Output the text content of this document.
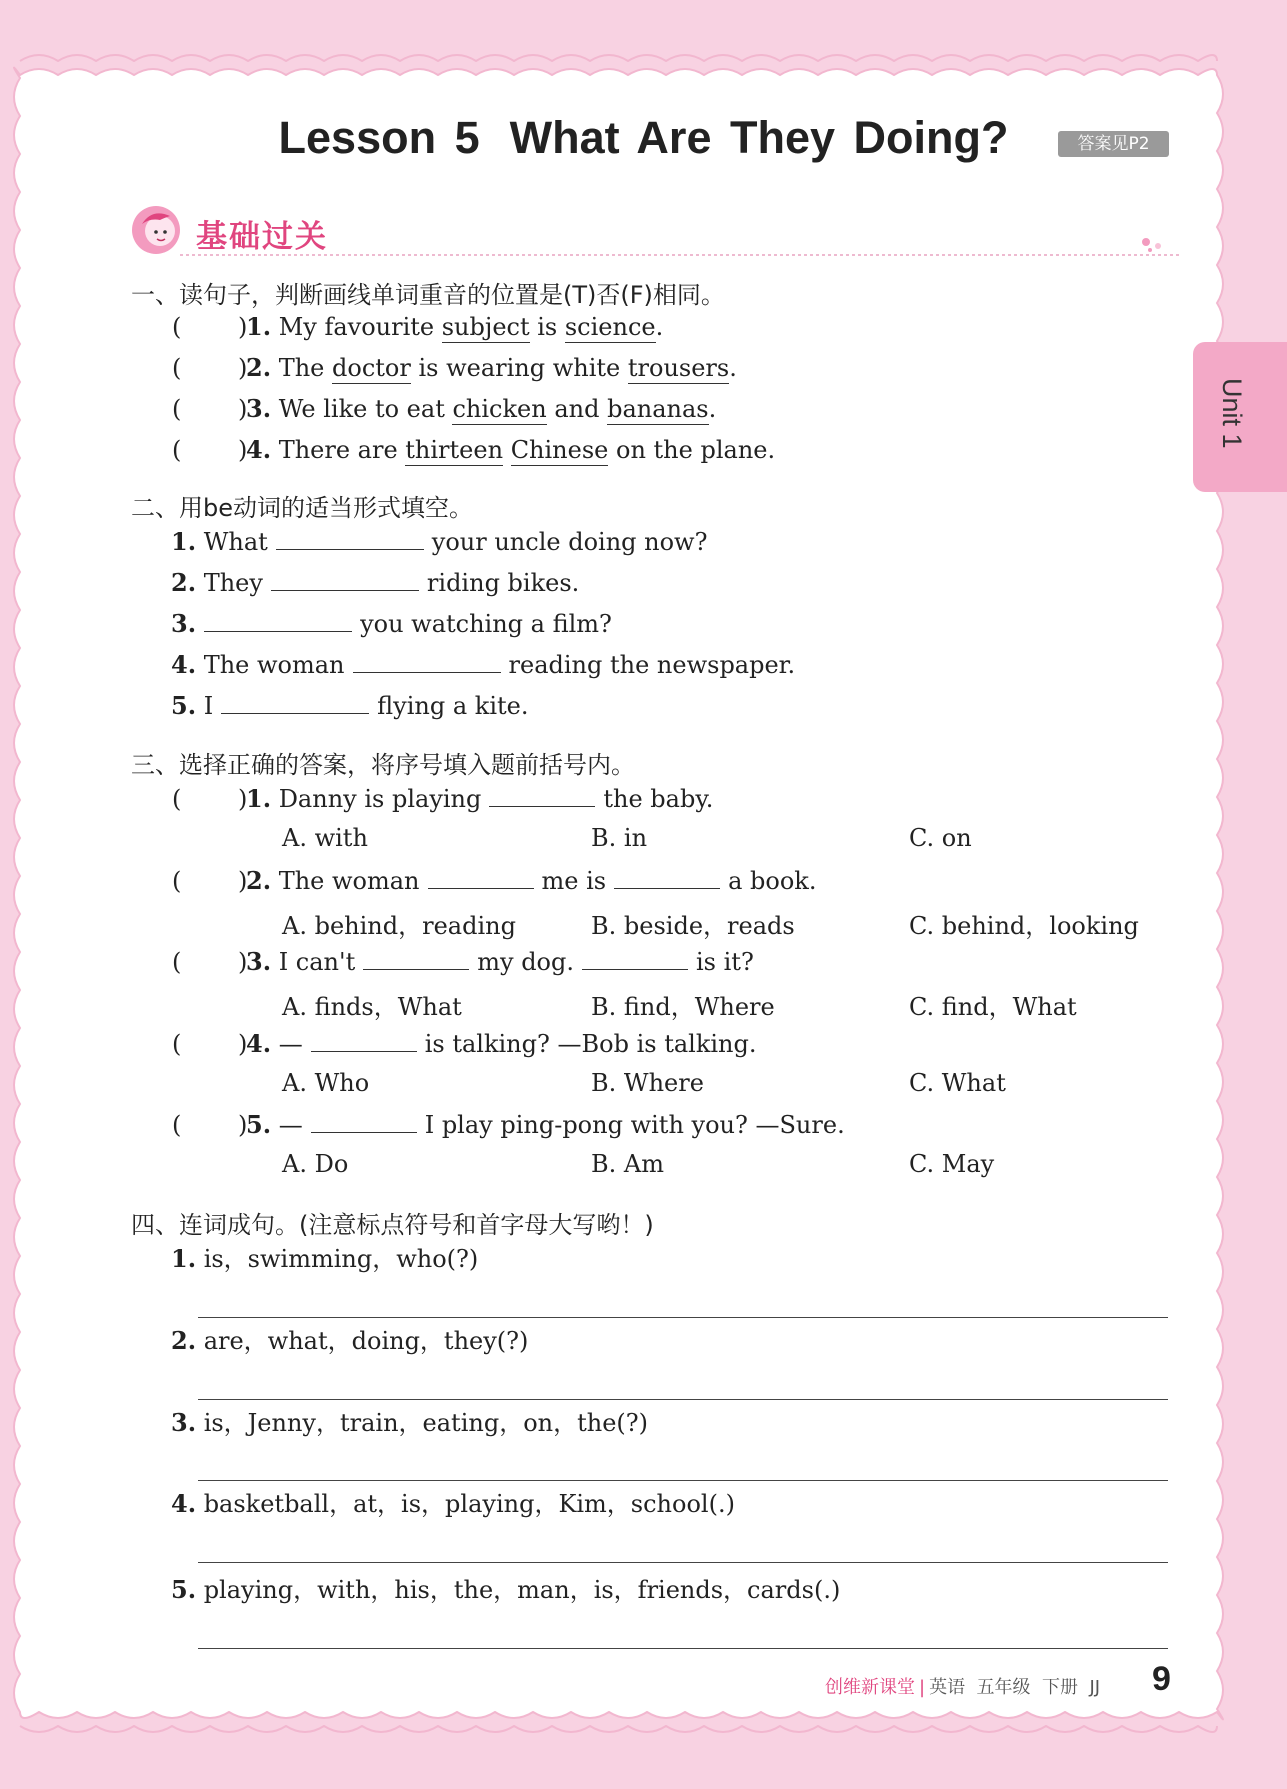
Lesson 5 What Are They Doing?	答案见P2
基础过关
Unit 1
一、读句子，判断画线单词重音的位置是(T)否(F)相同。
( )
1. My favourite subject is science.
( )
2. The doctor is wearing white trousers.
( )
3. We like to eat chicken and bananas.
( )
4. There are thirteen Chinese on the plane.
二、用be动词的适当形式填空。
1. What	your uncle doing now?
2. They	riding bikes.
3.	you watching a film?
4. The woman	reading the newspaper.
5. I	flying a kite.
三、选择正确的答案，将序号填入题前括号内。
( )
1. Danny is playing	the baby.
A. with	B. in	C. on
( )
2. The woman	me is	a book.
A. behind，reading	B. beside，reads	C. behind，looking
( )
3. I can't	my dog.	is it?
A. finds，What	B. find，Where	C. find，What
( )
4. —	is talking? —Bob is talking.
A. Who	B. Where	C. What
( )
5. —	I play ping-pong with you? —Sure.
A. Do	B. Am	C. May
四、连词成句。(注意标点符号和首字母大写哟！)
1. is，swimming，who(?)
2. are，what，doing，they(?)
3. is，Jenny，train，eating，on，the(?)
4. basketball，at，is，playing，Kim，school(.)
5. playing，with，his，the，man，is，friends，cards(.)
创维新课堂 | 英语 五年级 下册 JJ 9
